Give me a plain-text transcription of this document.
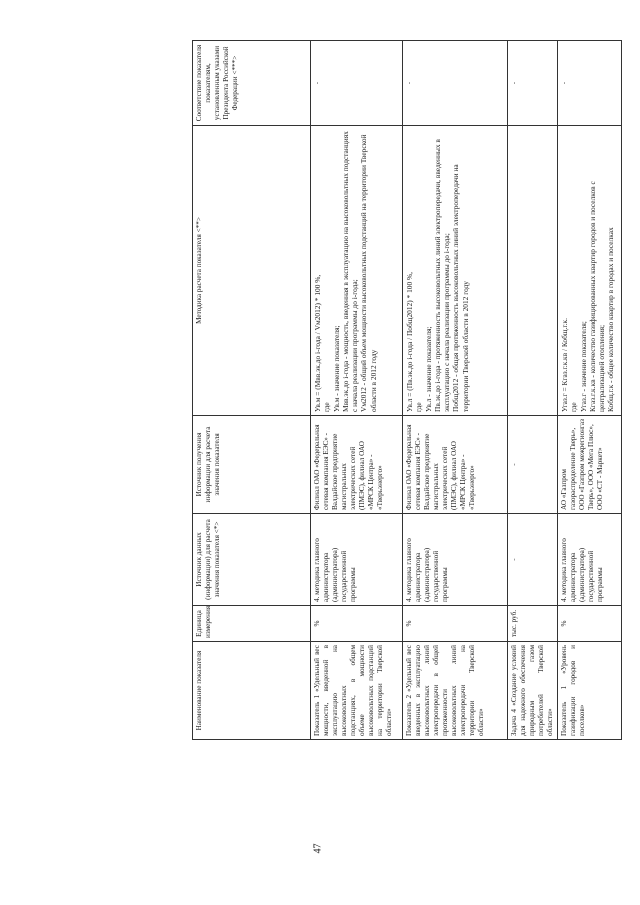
47
Наименование показателя	Единица измерения	Источник данных (информации) для расчета значения показателя <*>	Источник получения информации для расчета значения показателя	Методика расчета показателя <**>	Соответствие показателя показателям, установленным указами Президента Российской Федерации <***>
Показатель 1 «Удельный вес мощности, введенной в эксплуатацию на высоковольтных подстанциях, в общем объеме мощности высоковольтных подстанций на территории Тверской области»	%	4. методика главного администратора (администратора) государственной программы	Филиал ОАО «Федеральная сетевая компания ЕЭС» - Валдайское предприятие магистральных электрических сетей (ПМЭС), филиал ОАО «МРСК Центра» - «Тверьэнерго»	Ув.м = (Мвв.эк.до i-года / Vм2012) * 100 %, где Ув.м - значение показателя; Мвв.эк.до i-года - мощность, введенная в эксплуатацию на высоковольтных подстанциях с начала реализации программы до i-года; Vм2012 - общий объем мощности высоковольтных подстанций на территории Тверской области в 2012 году	-
Показатель 2 «Удельный вес введенных в эксплуатацию высоковольтных линий электропередачи в общей протяженности высоковольтных линий электропередачи на территории Тверской области»	%	4. методика главного администратора (администратора) государственной программы	Филиал ОАО «Федеральная сетевая компания ЕЭС» - Валдайское предприятие магистральных электрических сетей (ПМЭС), филиал ОАО «МРСК Центра» - «Тверьэнерго»	Ув.л = (Пв.эк.до i-года / Побщ2012) * 100 %, где Ув.л - значение показателя; Пв.эк.до i-года - протяженность высоковольтных линий электропередачи, введенных в эксплуатацию с начала реализации программы до i-года; Побщ2012 - общая протяженность высоковольтных линий электропередачи на территории Тверской области в 2012 году	-
Задача 4 «Создание условий для надежного обеспечения природным газом потребителей Тверской области»	тыс. руб.	-	-		-
Показатель 1 «Уровень газификации городов и поселков»	%	4. методика главного администратора (администратора) государственной программы	АО «Газпром газораспределение Тверь», ООО «Газпром межрегионгаз Тверь», ООО «Мега Плюс», ООО «СТ - Маркет»	Угаз.г = Кгаз.г.к.кв / Кобщ.г.к. где Угаз.г - значение показателя; Кгаз.г.к.кв - количество газифицированных квартир городов и поселков с централизацией отопления; Кобщ.г.к - общее количество квартир в городах и поселках	-
